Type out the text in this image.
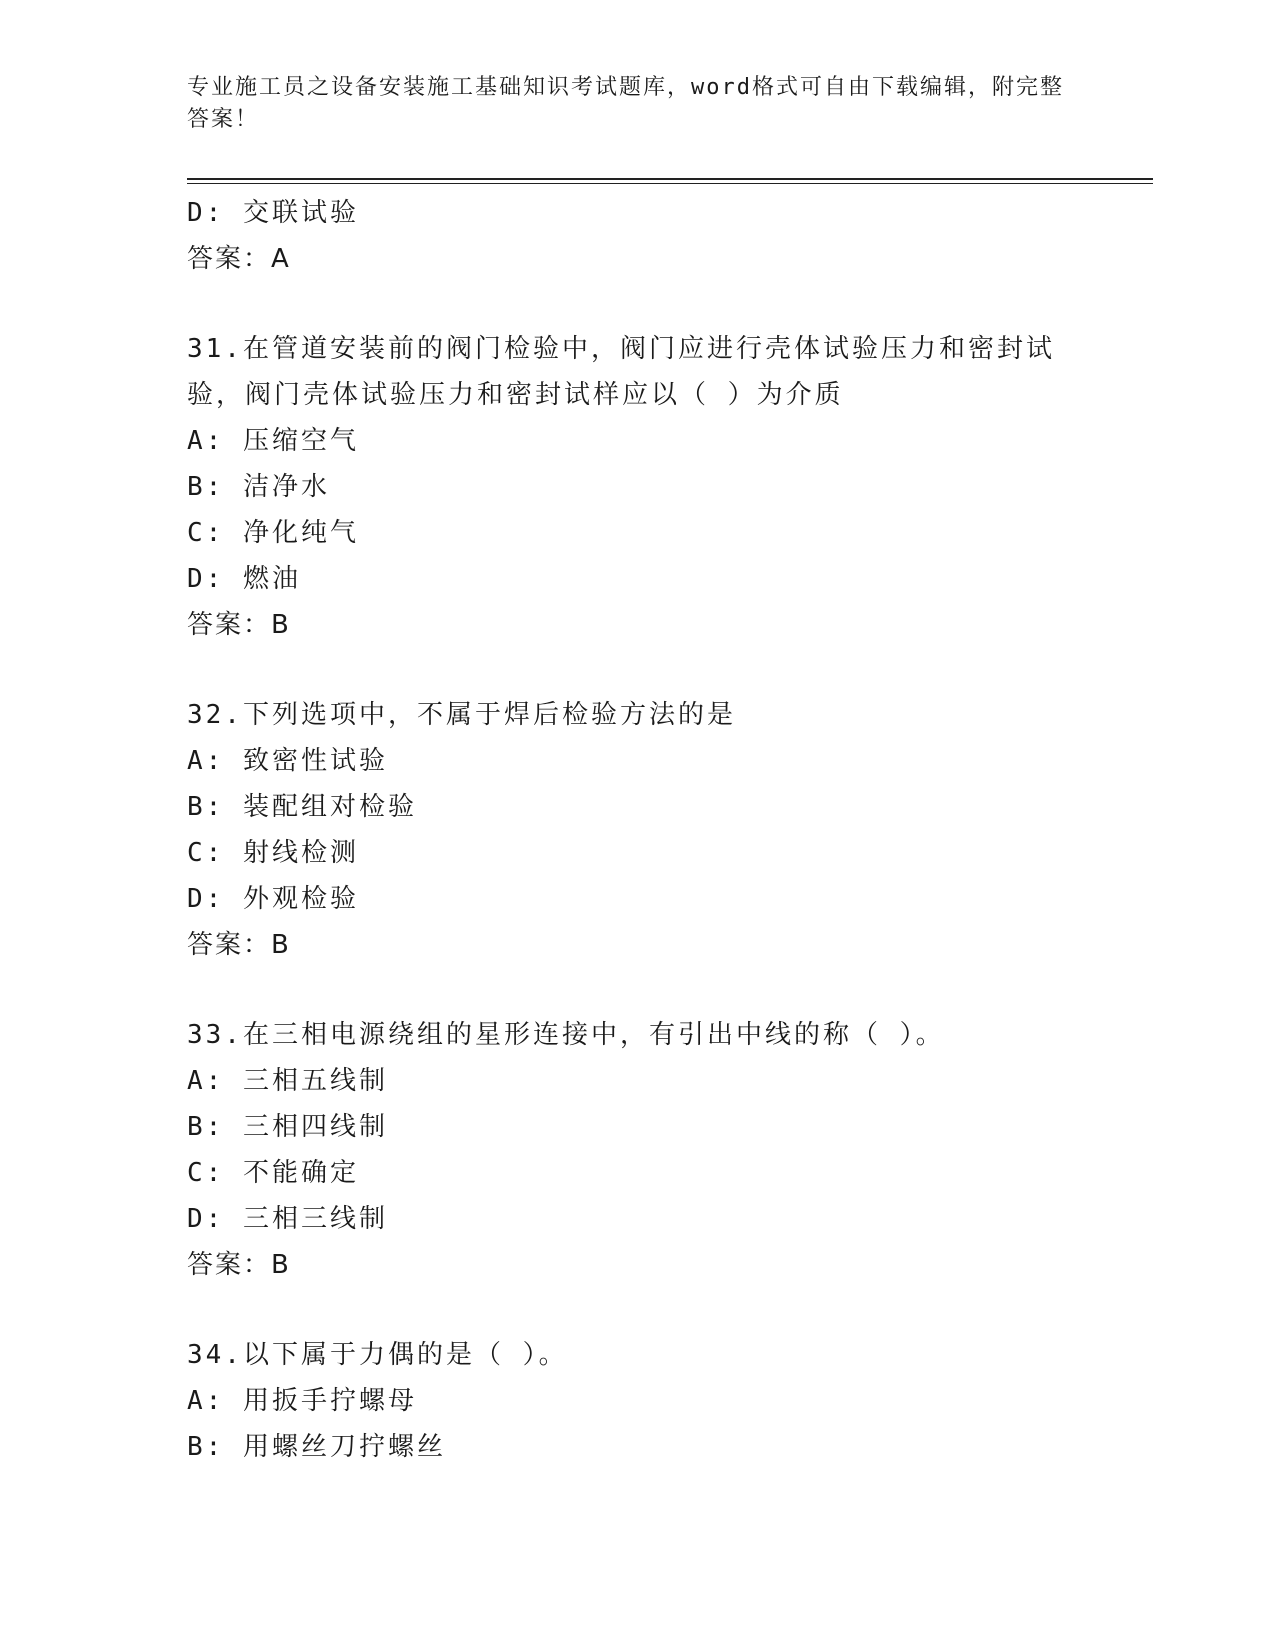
专业施工员之设备安装施工基础知识考试题库，word格式可自由下载编辑，附完整答案！
D: 交联试验
答案：A
31.在管道安装前的阀门检验中，阀门应进行壳体试验压力和密封试验，阀门壳体试验压力和密封试样应以（ ）为介质
A: 压缩空气
B: 洁净水
C: 净化纯气
D: 燃油
答案：B
32.下列选项中，不属于焊后检验方法的是
A: 致密性试验
B: 装配组对检验
C: 射线检测
D: 外观检验
答案：B
33.在三相电源绕组的星形连接中，有引出中线的称（ ）。
A: 三相五线制
B: 三相四线制
C: 不能确定
D: 三相三线制
答案：B
34.以下属于力偶的是（ ）。
A: 用扳手拧螺母
B: 用螺丝刀拧螺丝
